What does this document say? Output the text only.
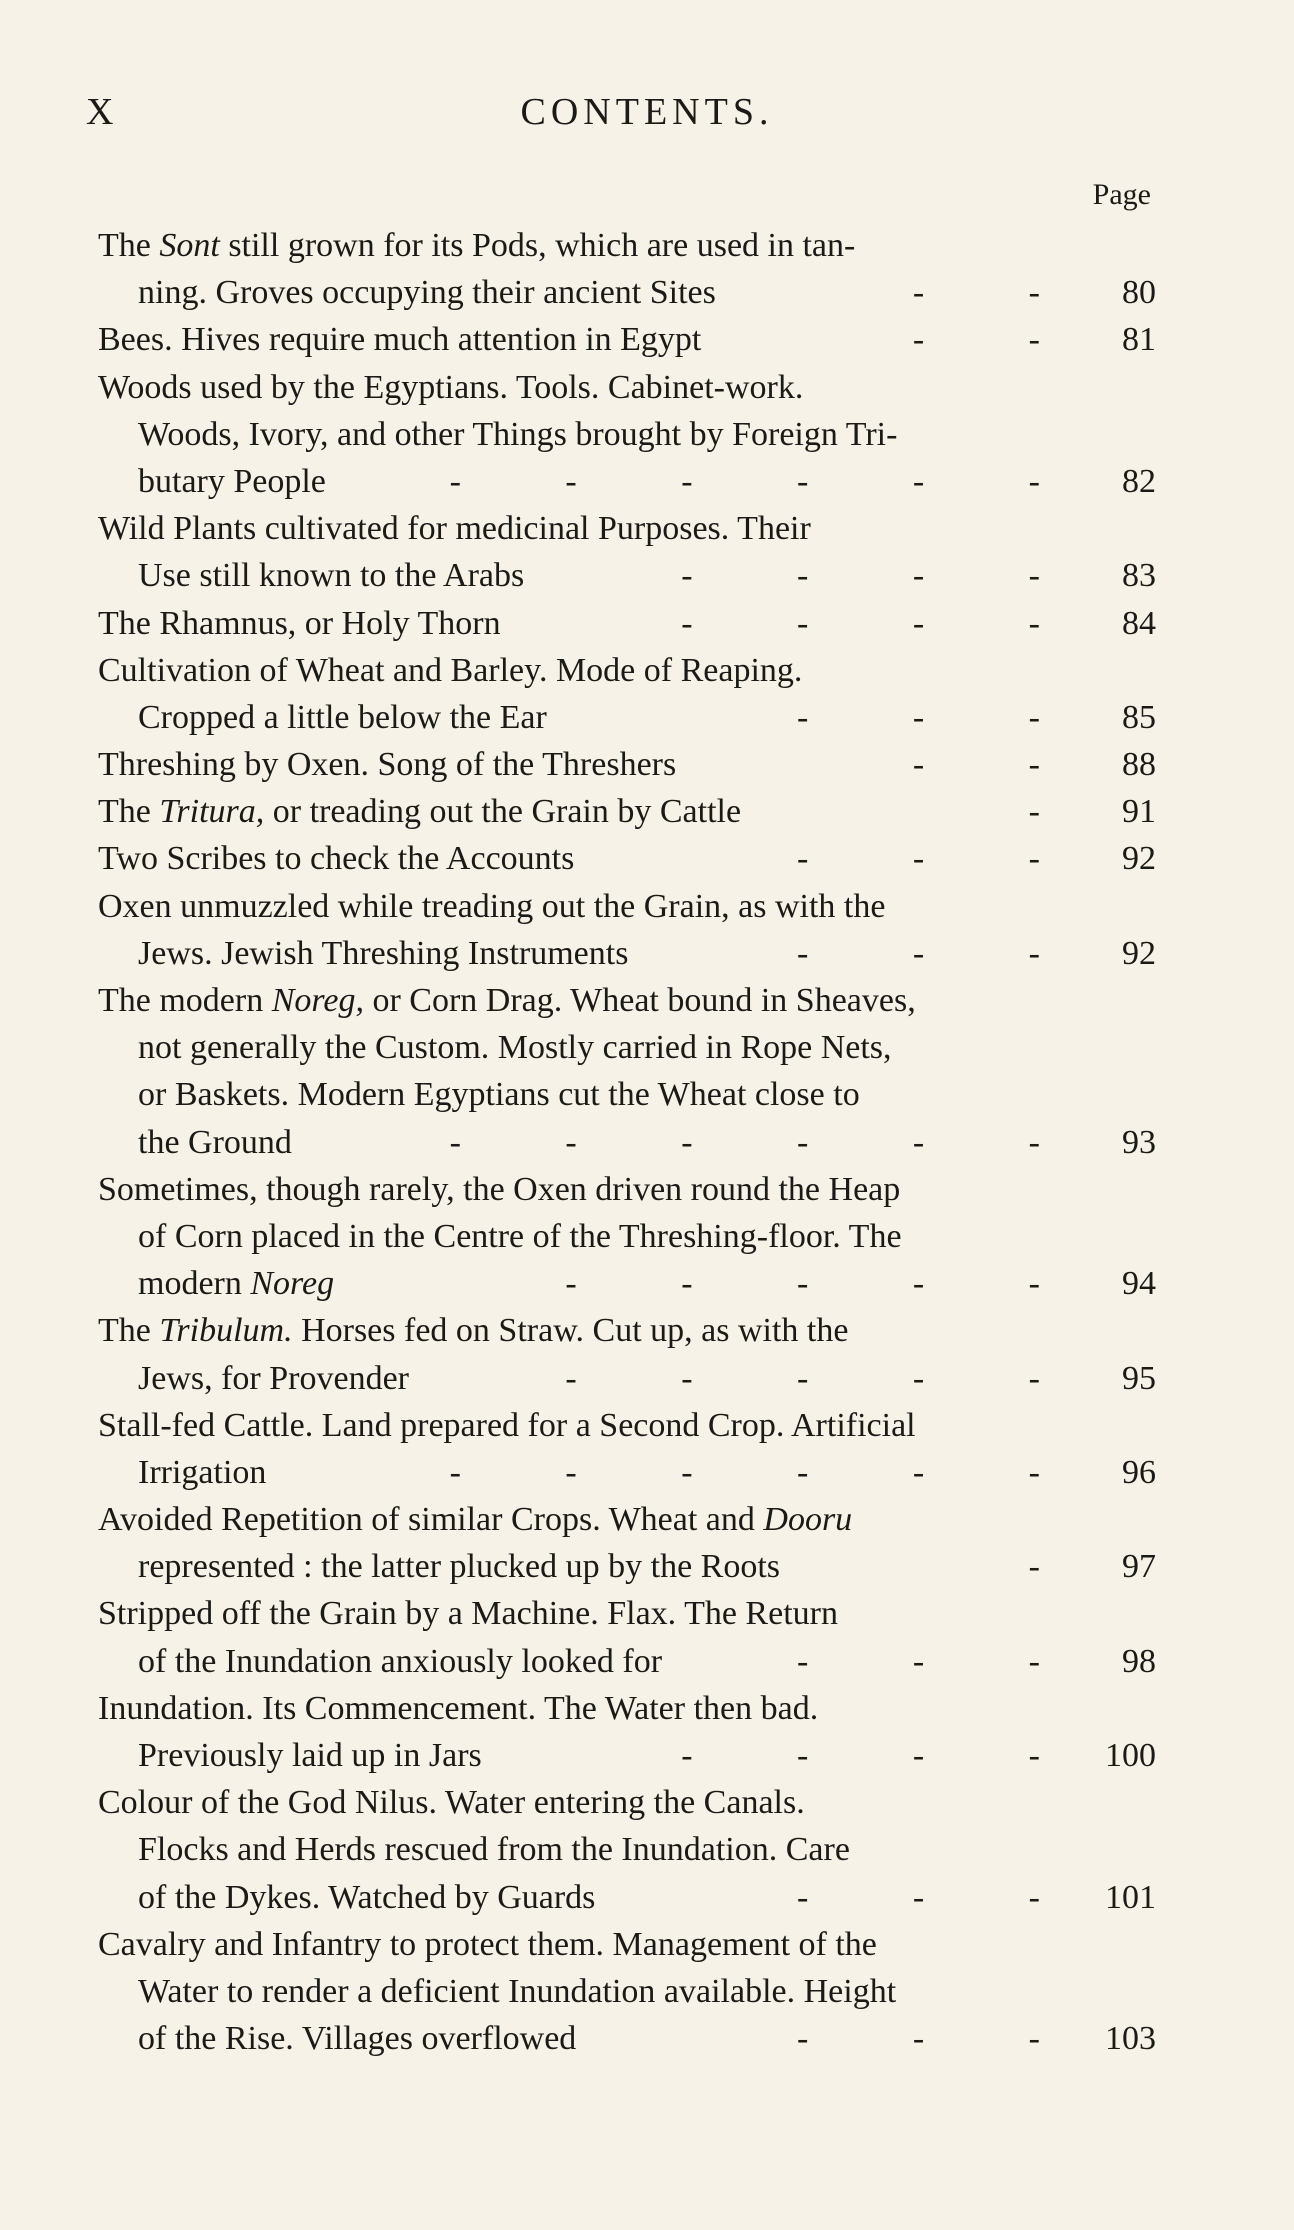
X	CONTENTS.
Page
The Sont still grown for its Pods, which are used in tan-
ning. Groves occupying their ancient Sites	- -	80
Bees. Hives require much attention in Egypt	- -	81
Woods used by the Egyptians. Tools. Cabinet-work.
Woods, Ivory, and other Things brought by Foreign Tri-
butary People	- - - - - -	82
Wild Plants cultivated for medicinal Purposes. Their
Use still known to the Arabs	- - - -	83
The Rhamnus, or Holy Thorn	- - - -	84
Cultivation of Wheat and Barley. Mode of Reaping.
Cropped a little below the Ear	- - -	85
Threshing by Oxen. Song of the Threshers	- -	88
The Tritura, or treading out the Grain by Cattle	-	91
Two Scribes to check the Accounts	- - -	92
Oxen unmuzzled while treading out the Grain, as with the
Jews. Jewish Threshing Instruments	- - -	92
The modern Noreg, or Corn Drag. Wheat bound in Sheaves,
not generally the Custom. Mostly carried in Rope Nets,
or Baskets. Modern Egyptians cut the Wheat close to
the Ground	- - - - - -	93
Sometimes, though rarely, the Oxen driven round the Heap
of Corn placed in the Centre of the Threshing-floor. The
modern Noreg	- - - - -	94
The Tribulum. Horses fed on Straw. Cut up, as with the
Jews, for Provender	- - - - -	95
Stall-fed Cattle. Land prepared for a Second Crop. Artificial
Irrigation	- - - - - -	96
Avoided Repetition of similar Crops. Wheat and Dooru
represented : the latter plucked up by the Roots	-	97
Stripped off the Grain by a Machine. Flax. The Return
of the Inundation anxiously looked for	- - -	98
Inundation. Its Commencement. The Water then bad.
Previously laid up in Jars	- - - - 100
Colour of the God Nilus. Water entering the Canals.
Flocks and Herds rescued from the Inundation. Care
of the Dykes. Watched by Guards	- - - 101
Cavalry and Infantry to protect them. Management of the
Water to render a deficient Inundation available. Height
of the Rise. Villages overflowed	- - - 103
